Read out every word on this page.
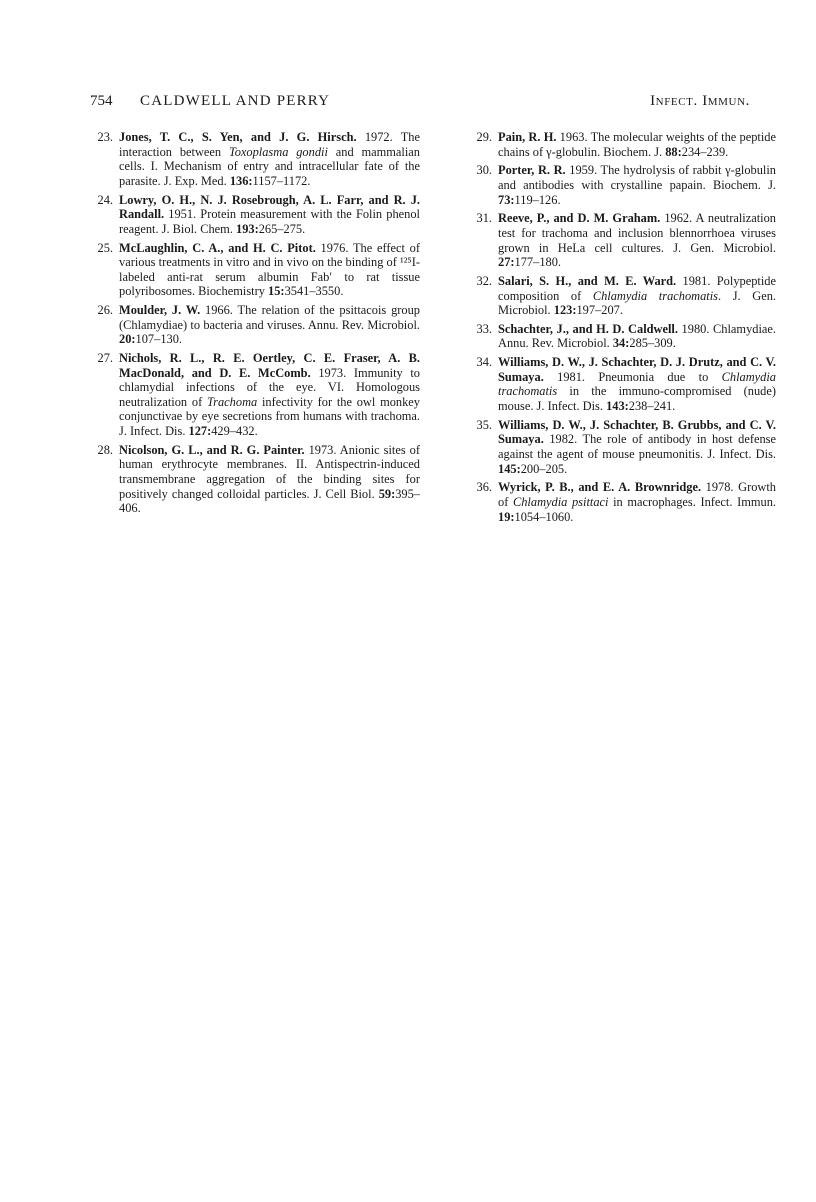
754 CALDWELL AND PERRY	Infect. Immun.
23. Jones, T. C., S. Yen, and J. G. Hirsch. 1972. The interaction between Toxoplasma gondii and mammalian cells. I. Mechanism of entry and intracellular fate of the parasite. J. Exp. Med. 136:1157–1172.
24. Lowry, O. H., N. J. Rosebrough, A. L. Farr, and R. J. Randall. 1951. Protein measurement with the Folin phenol reagent. J. Biol. Chem. 193:265–275.
25. McLaughlin, C. A., and H. C. Pitot. 1976. The effect of various treatments in vitro and in vivo on the binding of ¹²⁵I-labeled anti-rat serum albumin Fab′ to rat tissue polyribosomes. Biochemistry 15:3541–3550.
26. Moulder, J. W. 1966. The relation of the psittacois group (Chlamydiae) to bacteria and viruses. Annu. Rev. Microbiol. 20:107–130.
27. Nichols, R. L., R. E. Oertley, C. E. Fraser, A. B. MacDonald, and D. E. McComb. 1973. Immunity to chlamydial infections of the eye. VI. Homologous neutralization of Trachoma infectivity for the owl monkey conjunctivae by eye secretions from humans with trachoma. J. Infect. Dis. 127:429–432.
28. Nicolson, G. L., and R. G. Painter. 1973. Anionic sites of human erythrocyte membranes. II. Antispectrin-induced transmembrane aggregation of the binding sites for positively changed colloidal particles. J. Cell Biol. 59:395–406.
29. Pain, R. H. 1963. The molecular weights of the peptide chains of γ-globulin. Biochem. J. 88:234–239.
30. Porter, R. R. 1959. The hydrolysis of rabbit γ-globulin and antibodies with crystalline papain. Biochem. J. 73:119–126.
31. Reeve, P., and D. M. Graham. 1962. A neutralization test for trachoma and inclusion blennorrhoea viruses grown in HeLa cell cultures. J. Gen. Microbiol. 27:177–180.
32. Salari, S. H., and M. E. Ward. 1981. Polypeptide composition of Chlamydia trachomatis. J. Gen. Microbiol. 123:197–207.
33. Schachter, J., and H. D. Caldwell. 1980. Chlamydiae. Annu. Rev. Microbiol. 34:285–309.
34. Williams, D. W., J. Schachter, D. J. Drutz, and C. V. Sumaya. 1981. Pneumonia due to Chlamydia trachomatis in the immuno-compromised (nude) mouse. J. Infect. Dis. 143:238–241.
35. Williams, D. W., J. Schachter, B. Grubbs, and C. V. Sumaya. 1982. The role of antibody in host defense against the agent of mouse pneumonitis. J. Infect. Dis. 145:200–205.
36. Wyrick, P. B., and E. A. Brownridge. 1978. Growth of Chlamydia psittaci in macrophages. Infect. Immun. 19:1054–1060.
